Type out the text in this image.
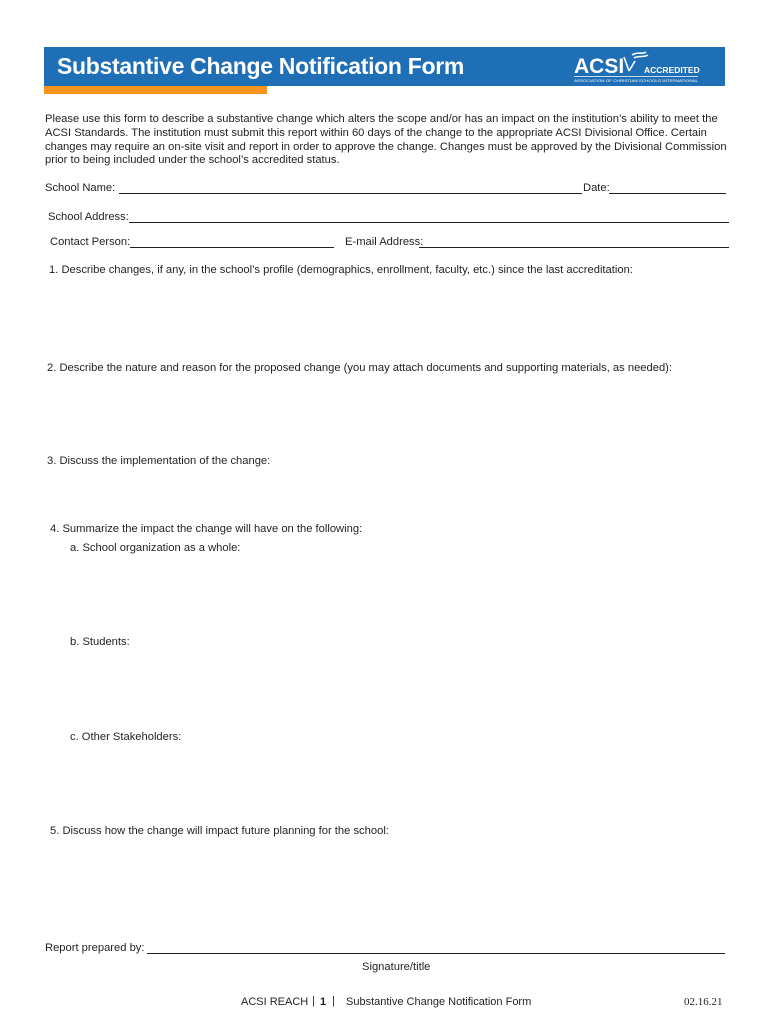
Substantive Change Notification Form	ACSI ACCREDITED
ASSOCIATION OF CHRISTIAN SCHOOLS INTERNATIONAL
Please use this form to describe a substantive change which alters the scope and/or has an impact on the institution’s ability to meet the ACSI Standards. The institution must submit this report within 60 days of the change to the appropriate ACSI Divisional Office. Certain changes may require an on-site visit and report in order to approve the change. Changes must be approved by the Divisional Commission prior to being included under the school’s accredited status.
School Name:	Date:
School Address:
Contact Person:	E-mail Address:
1. Describe changes, if any, in the school’s profile (demographics, enrollment, faculty, etc.) since the last accreditation:
2. Describe the nature and reason for the proposed change (you may attach documents and supporting materials, as needed):
3. Discuss the implementation of the change:
4. Summarize the impact the change will have on the following:
a. School organization as a whole:
b. Students:
c. Other Stakeholders:
5. Discuss how the change will impact future planning for the school:
Report prepared by:
Signature/title
ACSI REACH | 1 | Substantive Change Notification Form	02.16.21
